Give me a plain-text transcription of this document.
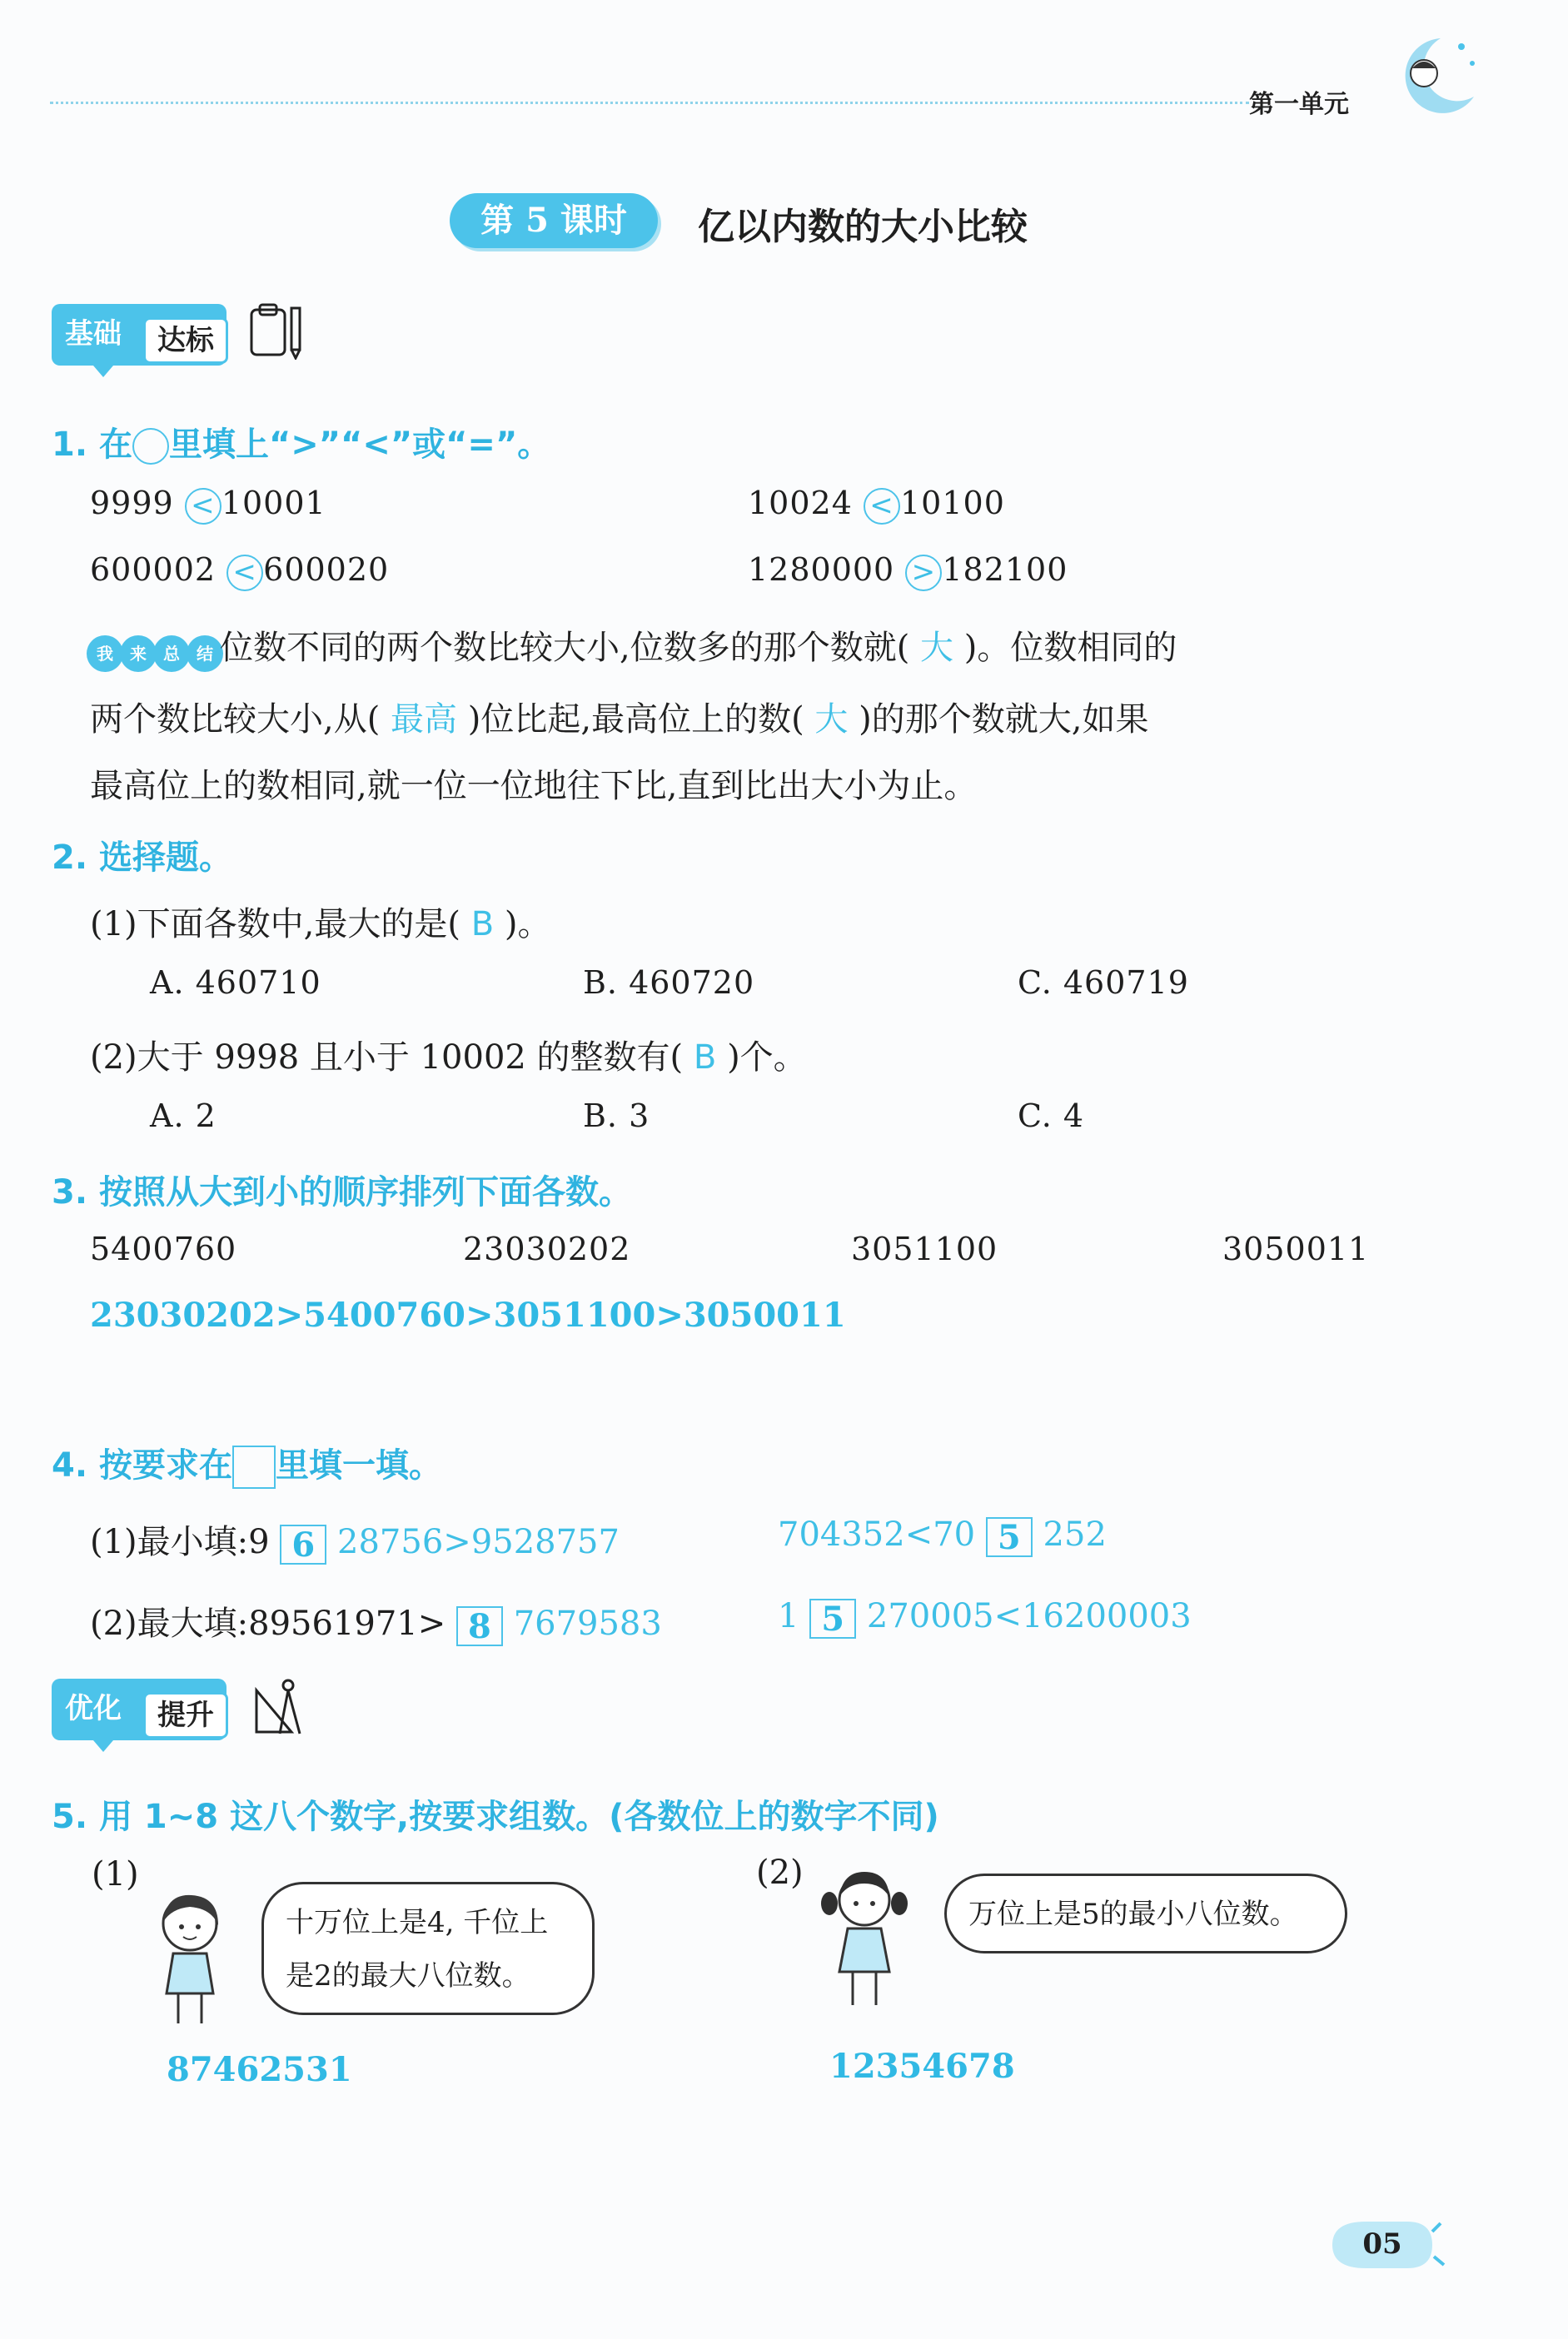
第一单元
第 5 课时	亿以内数的大小比较
基础	达标
1. 在 里填上“>”“<”或“=”。
9999 < 10001	10024 < 10100
600002 < 600020	1280000 > 182100
我 来 总 结 位数不同的两个数比较大小,位数多的那个数就( 大 )。位数相同的
两个数比较大小,从( 最高 )位比起,最高位上的数( 大 )的那个数就大,如果
最高位上的数相同,就一位一位地往下比,直到比出大小为止。
2. 选择题。
(1)下面各数中,最大的是( B )。
A. 460710	B. 460720	C. 460719
(2)大于 9998 且小于 10002 的整数有( B )个。
A. 2	B. 3	C. 4
3. 按照从大到小的顺序排列下面各数。
5400760	23030202	3051100	3050011
23030202>5400760>3051100>3050011
4. 按要求在 里填一填。
(1)最小填:9 6 28756>9528757	704352<70 5 252
(2)最大填:89561971> 8 7679583	1 5 270005<16200003
优化	提升
5. 用 1~8 这八个数字,按要求组数。(各数位上的数字不同)
(1)
十万位上是4, 千位上
是2的最大八位数。
87462531
(2)
万位上是5的最小八位数。
12354678
05
